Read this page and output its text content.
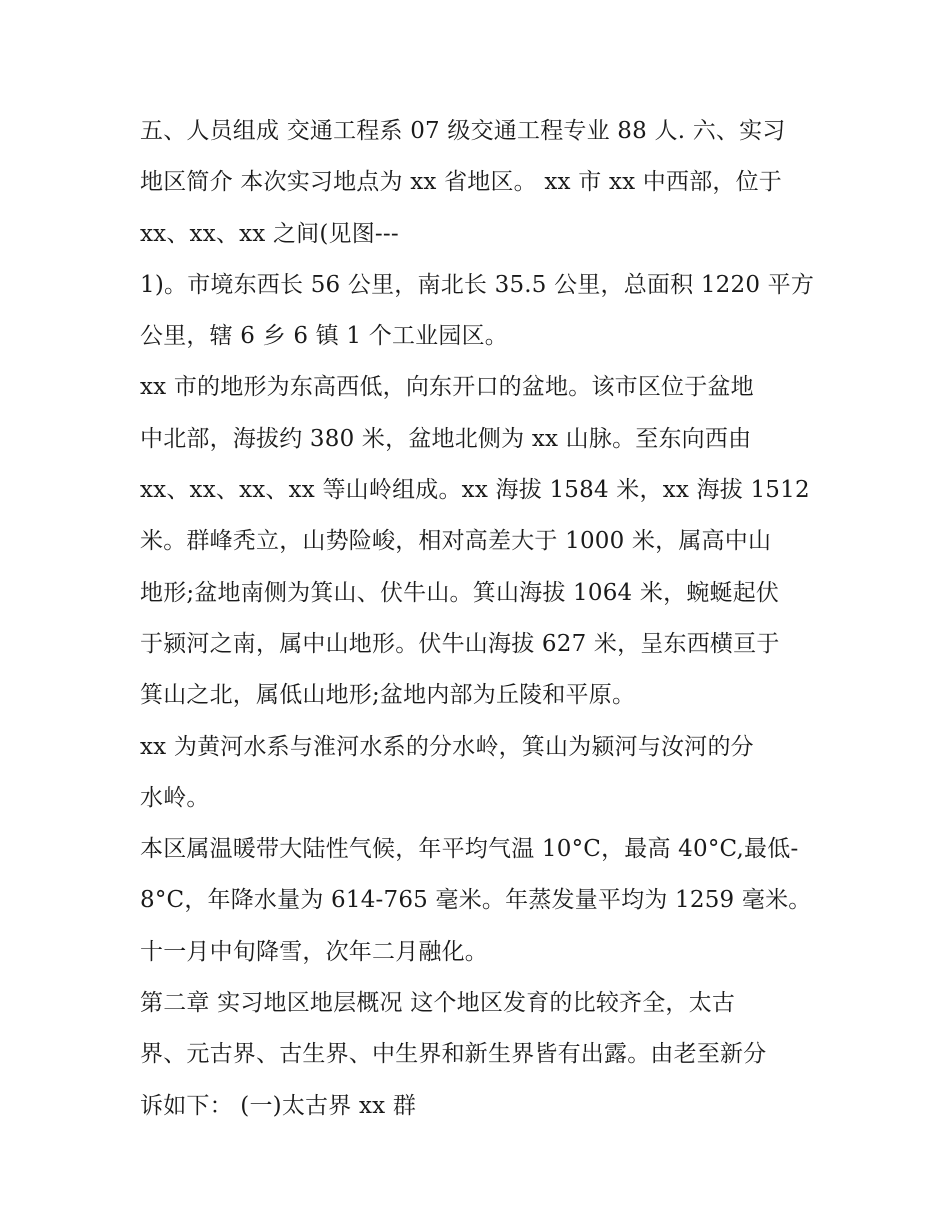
五、人员组成 交通工程系 07 级交通工程专业 88 人. 六、实习
地区简介 本次实习地点为 xx 省地区。 xx 市 xx 中西部，位于
xx、xx、xx 之间(见图---
1)。市境东西长 56 公里，南北长 35.5 公里，总面积 1220 平方
公里，辖 6 乡 6 镇 1 个工业园区。
xx 市的地形为东高西低，向东开口的盆地。该市区位于盆地
中北部，海拔约 380 米，盆地北侧为 xx 山脉。至东向西由
xx、xx、xx、xx 等山岭组成。xx 海拔 1584 米，xx 海拔 1512
米。群峰秃立，山势险峻，相对高差大于 1000 米，属高中山
地形;盆地南侧为箕山、伏牛山。箕山海拔 1064 米，蜿蜒起伏
于颍河之南，属中山地形。伏牛山海拔 627 米，呈东西横亘于
箕山之北，属低山地形;盆地内部为丘陵和平原。
xx 为黄河水系与淮河水系的分水岭，箕山为颍河与汝河的分
水岭。
本区属温暖带大陆性气候，年平均气温 10°C，最高 40°C,最低-
8°C，年降水量为 614-765 毫米。年蒸发量平均为 1259 毫米。
十一月中旬降雪，次年二月融化。
第二章 实习地区地层概况 这个地区发育的比较齐全，太古
界、元古界、古生界、中生界和新生界皆有出露。由老至新分
诉如下： (一)太古界 xx 群
